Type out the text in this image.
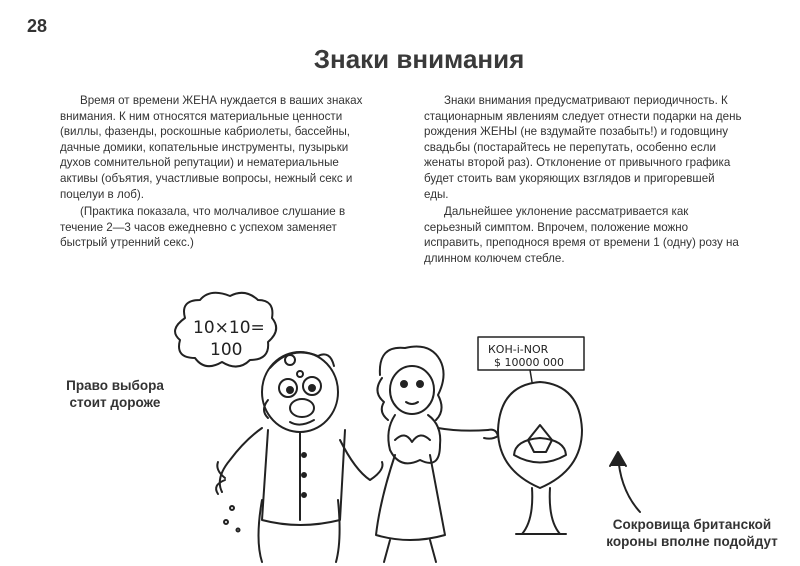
28
Знаки внимания

Время от времени ЖЕНА нуждается в ваших знаках внимания. К ним относятся материальные ценности (виллы, фазенды, роскошные кабриолеты, бассейны, дачные домики, копательные инструменты, пузырьки духов сомнительной репутации) и нематериальные активы (объятия, участливые вопросы, нежный секс и поцелуи в лоб).

(Практика показала, что молчаливое слушание в течение 2—3 часов ежедневно с успехом заменяет быстрый утренний секс.)

Знаки внимания предусматривают периодичность. К стационарным явлениям следует отнести подарки на день рождения ЖЕНЫ (не вздумайте позабыть!) и годовщину свадьбы (постарайтесь не перепутать, особенно если женаты второй раз). Отклонение от привычного графика будет стоить вам укоряющих взглядов и пригоревшей еды.

Дальнейшее уклонение рассматривается как серьезный симптом. Впрочем, положение можно исправить, преподнося время от времени 1 (одну) розу на длинном колючем стебле.

10×10=
100	КОН-i-NOR
$ 10000 000
Право выбора стоит дороже
Сокровища британской короны вполне подойдут
